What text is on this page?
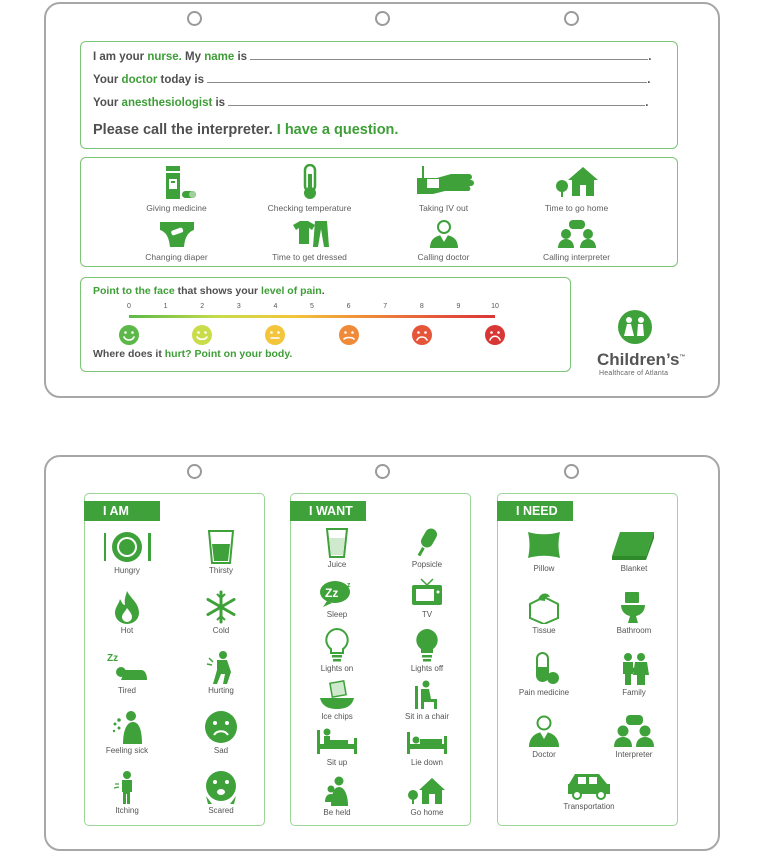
I am your nurse. My name is	.
Your doctor today is	.
Your anesthesiologist is	.
Please call the interpreter. I have a question.
Giving medicine	Checking temperature	Taking IV out	Time to go home
Changing diaper	Time to get dressed	Calling doctor	Calling interpreter
Point to the face that shows your level of pain.
0	1	2	3	4	5	6	7	8	9	10
Where does it hurt? Point on your body.	Children’s™
Healthcare of Atlanta
I AM
Hungry	Thirsty
Hot	Cold
Zz
Tired	Hurting
Feeling sick	Sad
Itching	Scared
I WANT
Juice	Popsicle
Zz
z
Sleep	TV
Lights on	Lights off
Ice chips	Sit in a chair
Sit up	Lie down
Be held	Go home
I NEED
Pillow	Blanket
Tissue	Bathroom
Pain medicine	Family
Doctor	Interpreter
Transportation
